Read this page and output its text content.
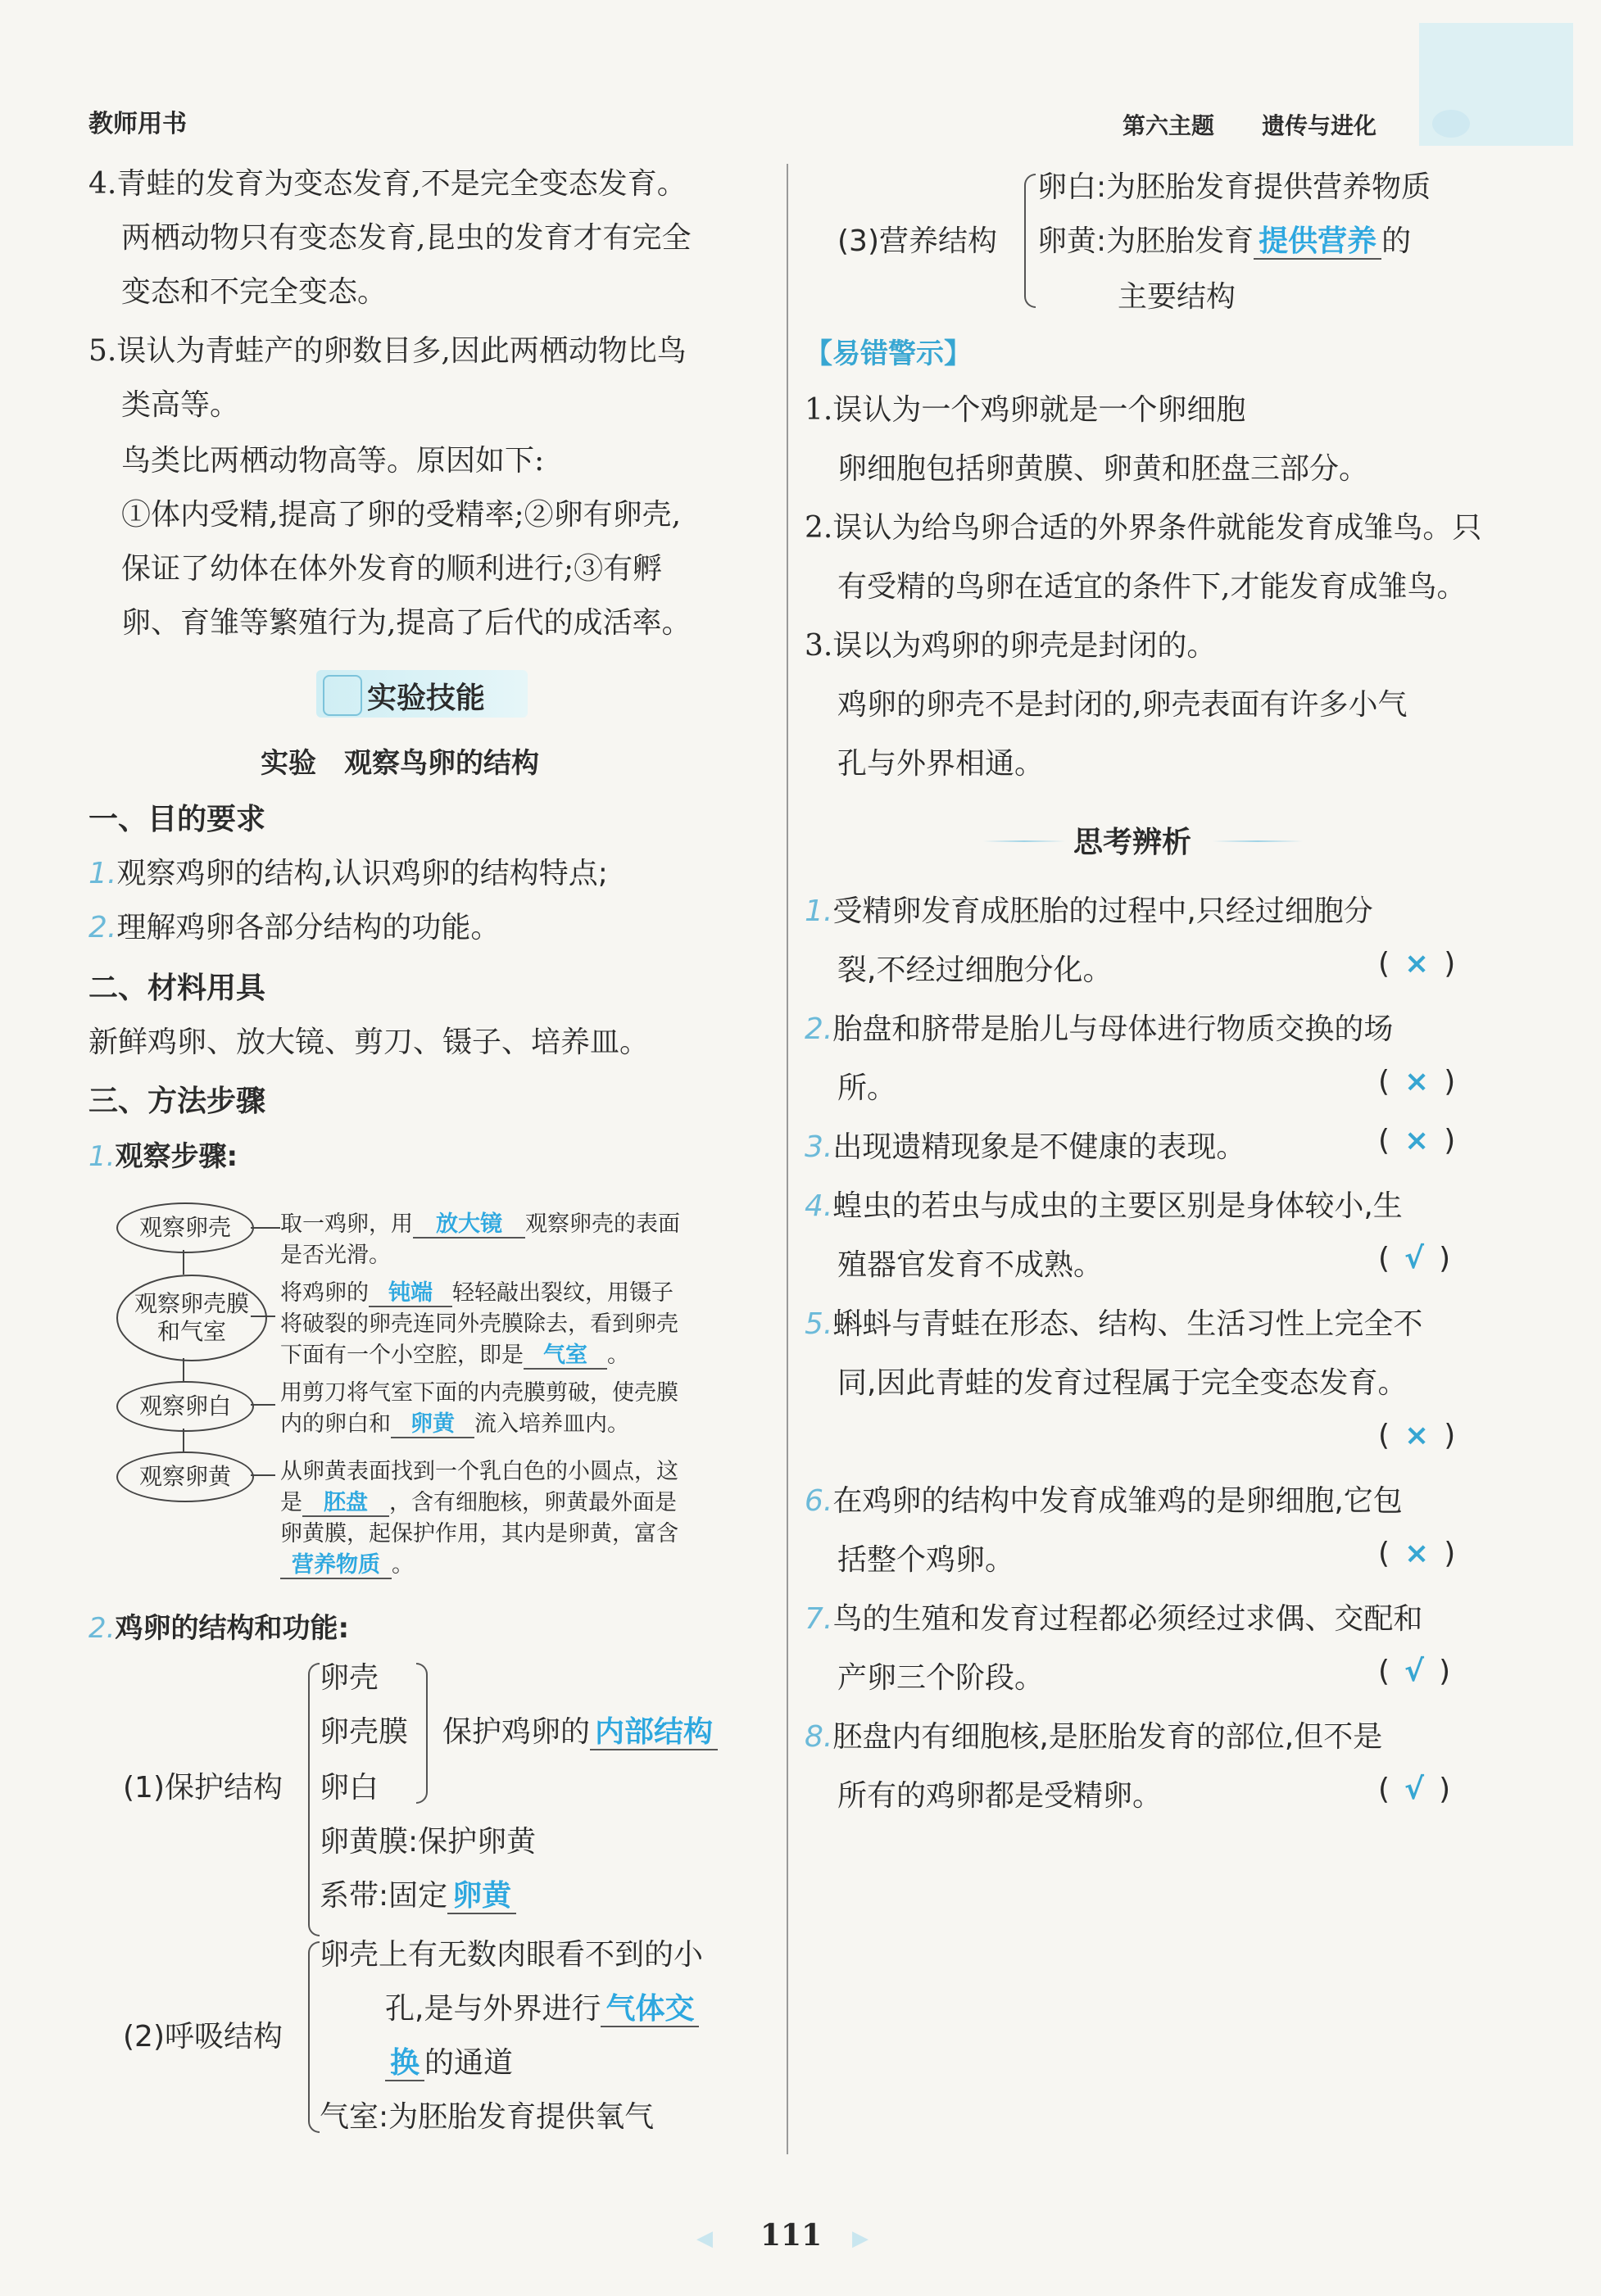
教师用书	第六主题 遗传与进化
4.青蛙的发育为变态发育,不是完全变态发育。
两栖动物只有变态发育,昆虫的发育才有完全
变态和不完全变态。
5.误认为青蛙产的卵数目多,因此两栖动物比鸟
类高等。
鸟类比两栖动物高等。原因如下:
①体内受精,提高了卵的受精率;②卵有卵壳,
保证了幼体在体外发育的顺利进行;③有孵
卵、育雏等繁殖行为,提高了后代的成活率。
实验技能
实验　观察鸟卵的结构
一、目的要求
1.观察鸡卵的结构,认识鸡卵的结构特点;
2.理解鸡卵各部分结构的功能。
二、材料用具
新鲜鸡卵、放大镜、剪刀、镊子、培养皿。
三、方法步骤
1.观察步骤:
观察卵壳
观察卵壳膜和气室
观察卵白
观察卵黄
取一鸡卵，用 放大镜 观察卵壳的表面
是否光滑。
将鸡卵的 钝端 轻轻敲出裂纹，用镊子
将破裂的卵壳连同外壳膜除去，看到卵壳
下面有一个小空腔，即是 气室 。
用剪刀将气室下面的内壳膜剪破，使壳膜
内的卵白和 卵黄 流入培养皿内。
从卵黄表面找到一个乳白色的小圆点，这
是 胚盘 ，含有细胞核，卵黄最外面是
卵黄膜，起保护作用，其内是卵黄，富含
营养物质 。
2.鸡卵的结构和功能:
(1)保护结构
卵壳
卵壳膜
卵白
保护鸡卵的 内部结构
卵黄膜:保护卵黄
系带:固定 卵黄
(2)呼吸结构
卵壳上有无数肉眼看不到的小
孔,是与外界进行 气体交
换 的通道
气室:为胚胎发育提供氧气
(3)营养结构
卵白:为胚胎发育提供营养物质
卵黄:为胚胎发育 提供营养 的
主要结构
【易错警示】
1.误认为一个鸡卵就是一个卵细胞
卵细胞包括卵黄膜、卵黄和胚盘三部分。
2.误认为给鸟卵合适的外界条件就能发育成雏鸟。只
有受精的鸟卵在适宜的条件下,才能发育成雏鸟。
3.误以为鸡卵的卵壳是封闭的。
鸡卵的卵壳不是封闭的,卵壳表面有许多小气
孔与外界相通。
思考辨析
1.受精卵发育成胚胎的过程中,只经过细胞分
裂,不经过细胞分化。	( × )
2.胎盘和脐带是胎儿与母体进行物质交换的场
所。	( × )
3.出现遗精现象是不健康的表现。	( × )
4.蝗虫的若虫与成虫的主要区别是身体较小,生
殖器官发育不成熟。	( √ )
5.蝌蚪与青蛙在形态、结构、生活习性上完全不
同,因此青蛙的发育过程属于完全变态发育。
( × )
6.在鸡卵的结构中发育成雏鸡的是卵细胞,它包
括整个鸡卵。	( × )
7.鸟的生殖和发育过程都必须经过求偶、交配和
产卵三个阶段。	( √ )
8.胚盘内有细胞核,是胚胎发育的部位,但不是
所有的鸡卵都是受精卵。	( √ )
◀ 111 ▶
